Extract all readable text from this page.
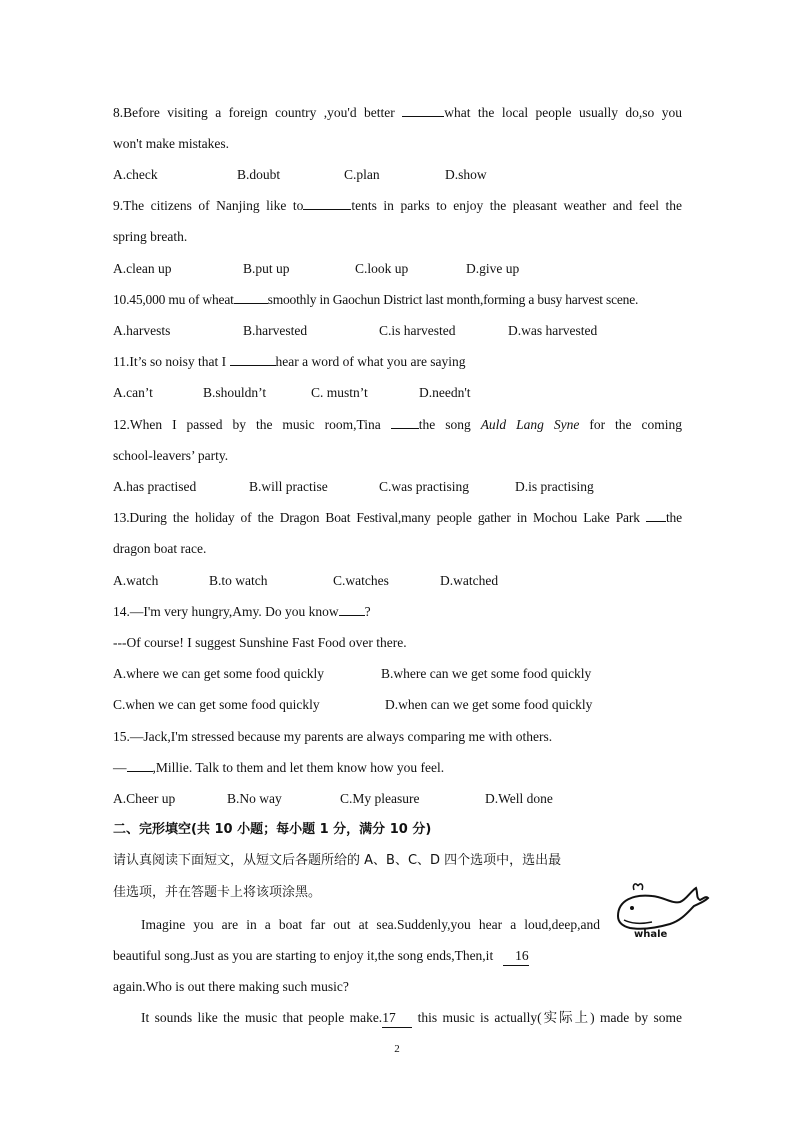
8.Before visiting a foreign country ,you'd better	what the local people usually do,so you
won't make mistakes.
A.check	B.doubt	C.plan	D.show
9.The citizens of Nanjing like to	tents in parks to enjoy the pleasant weather and feel the
spring breath.
A.clean up	B.put up	C.look up	D.give up
10.45,000 mu of wheat	smoothly in Gaochun District last month,forming a busy harvest scene.
A.harvests	B.harvested	C.is harvested	D.was harvested
11.It’s so noisy that I	hear a word of what you are saying
A.can’t	B.shouldn’t	C. mustn’t	D.needn't
12.When I passed by the music room,Tina	the song Auld Lang Syne for the coming
school-leavers’ party.
A.has practised	B.will practise	C.was practising	D.is practising
13.During the holiday of the Dragon Boat Festival,many people gather in Mochou Lake Park the
dragon boat race.
A.watch	B.to watch	C.watches	D.watched
14.—I'm very hungry,Amy. Do you know ?
---Of course! I suggest Sunshine Fast Food over there.
A.where we can get some food quickly	B.where can we get some food quickly
C.when we can get some food quickly	D.when can we get some food quickly
15.—Jack,I'm stressed because my parents are always comparing me with others.
— ,Millie. Talk to them and let them know how you feel.
A.Cheer up	B.No way	C.My pleasure	D.Well done
二、完形填空(共 10 小题；每小题 1 分，满分 10 分)
请认真阅读下面短文，从短文后各题所给的 A、B、C、D 四个选项中，选出最
佳选项，并在答题卡上将该项涂黑。
whale
Imagine you are in a boat far out at sea.Suddenly,you hear a loud,deep,and
beautiful song.Just as you are starting to enjoy it,the song ends,Then,it 16
again.Who is out there making such music?
It sounds like the music that people make.17 this music is actually(实际上) made by some
2
